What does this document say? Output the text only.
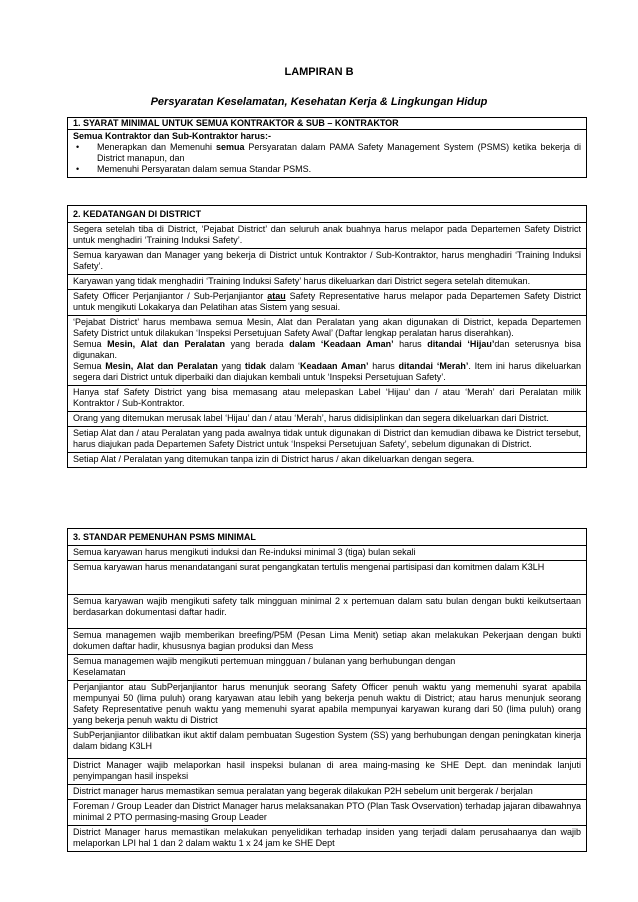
LAMPIRAN B
Persyaratan Keselamatan, Kesehatan Kerja & Lingkungan Hidup
1. SYARAT MINIMAL UNTUK SEMUA KONTRAKTOR & SUB – KONTRAKTOR
Semua Kontraktor dan Sub-Kontraktor harus:-
• Menerapkan dan Memenuhi semua Persyaratan dalam PAMA Safety Management System (PSMS) ketika bekerja di District manapun, dan
• Memenuhi Persyaratan dalam semua Standar PSMS.
2. KEDATANGAN DI DISTRICT
Segera setelah tiba di District, ‘Pejabat District’ dan seluruh anak buahnya harus melapor pada Departemen Safety District untuk menghadiri ‘Training Induksi Safety’.
Semua karyawan dan Manager yang bekerja di District untuk Kontraktor / Sub-Kontraktor, harus menghadiri ‘Training Induksi Safety’.
Karyawan yang tidak menghadiri ‘Training Induksi Safety’ harus dikeluarkan dari District segera setelah ditemukan.
Safety Officer Perjanjiantor / Sub-Perjanjiantor atau Safety Representative harus melapor pada Departemen Safety District untuk mengikuti Lokakarya dan Pelatihan atas Sistem yang sesuai.
‘Pejabat District’ harus membawa semua Mesin, Alat dan Peralatan yang akan digunakan di District, kepada Departemen Safety District untuk dilakukan ‘Inspeksi Persetujuan Safety Awal’ (Daftar lengkap peralatan harus diserahkan).
Semua Mesin, Alat dan Peralatan yang berada dalam ‘Keadaan Aman’ harus ditandai ‘Hijau’dan seterusnya bisa digunakan.
Semua Mesin, Alat dan Peralatan yang tidak dalam ‘Keadaan Aman’ harus ditandai ‘Merah’. Item ini harus dikeluarkan segera dari District untuk diperbaiki dan diajukan kembali untuk ‘Inspeksi Persetujuan Safety’.
Hanya staf Safety District yang bisa memasang atau melepaskan Label ‘Hijau’ dan / atau ‘Merah’ dari Peralatan milik Kontraktor / Sub-Kontraktor.
Orang yang ditemukan merusak label ‘Hijau’ dan / atau ‘Merah’, harus didisiplinkan dan segera dikeluarkan dari District.
Setiap Alat dan / atau Peralatan yang pada awalnya tidak untuk digunakan di District dan kemudian dibawa ke District tersebut, harus diajukan pada Departemen Safety District untuk ‘Inspeksi Persetujuan Safety’, sebelum digunakan di District.
Setiap Alat / Peralatan yang ditemukan tanpa izin di District harus / akan dikeluarkan dengan segera.
3. STANDAR PEMENUHAN PSMS MINIMAL
Semua karyawan harus mengikuti induksi dan Re-induksi minimal 3 (tiga) bulan sekali
Semua karyawan harus menandatangani surat pengangkatan tertulis mengenai partisipasi dan komitmen dalam K3LH
Semua karyawan wajib mengikuti safety talk mingguan minimal 2 x pertemuan dalam satu bulan dengan bukti keikutsertaan berdasarkan dokumentasi daftar hadir.
Semua managemen wajib memberikan breefing/P5M (Pesan Lima Menit) setiap akan melakukan Pekerjaan dengan bukti dokumen daftar hadir, khususnya bagian produksi dan Mess
Semua managemen wajib mengikuti pertemuan mingguan / bulanan yang berhubungan dengan
Keselamatan
Perjanjiantor atau SubPerjanjiantor harus menunjuk seorang Safety Officer penuh waktu yang memenuhi syarat apabila mempunyai 50 (lima puluh) orang karyawan atau lebih yang bekerja penuh waktu di District; atau harus menunjuk seorang Safety Representative penuh waktu yang memenuhi syarat apabila mempunyai karyawan kurang dari 50 (lima puluh) orang yang bekerja penuh waktu di District
SubPerjanjiantor dilibatkan ikut aktif dalam pembuatan Sugestion System (SS) yang berhubungan dengan peningkatan kinerja dalam bidang K3LH
District Manager wajib melaporkan hasil inspeksi bulanan di area maing-masing ke SHE Dept. dan menindak lanjuti penyimpangan hasil inspeksi
District manager harus memastikan semua peralatan yang begerak dilakukan P2H sebelum unit bergerak / berjalan
Foreman / Group Leader dan District Manager harus melaksanakan PTO (Plan Task Ovservation) terhadap jajaran dibawahnya minimal 2 PTO permasing-masing Group Leader
District Manager harus memastikan melakukan penyelidikan terhadap insiden yang terjadi dalam perusahaanya dan wajib melaporkan LPI hal 1 dan 2 dalam waktu 1 x 24 jam ke SHE Dept
